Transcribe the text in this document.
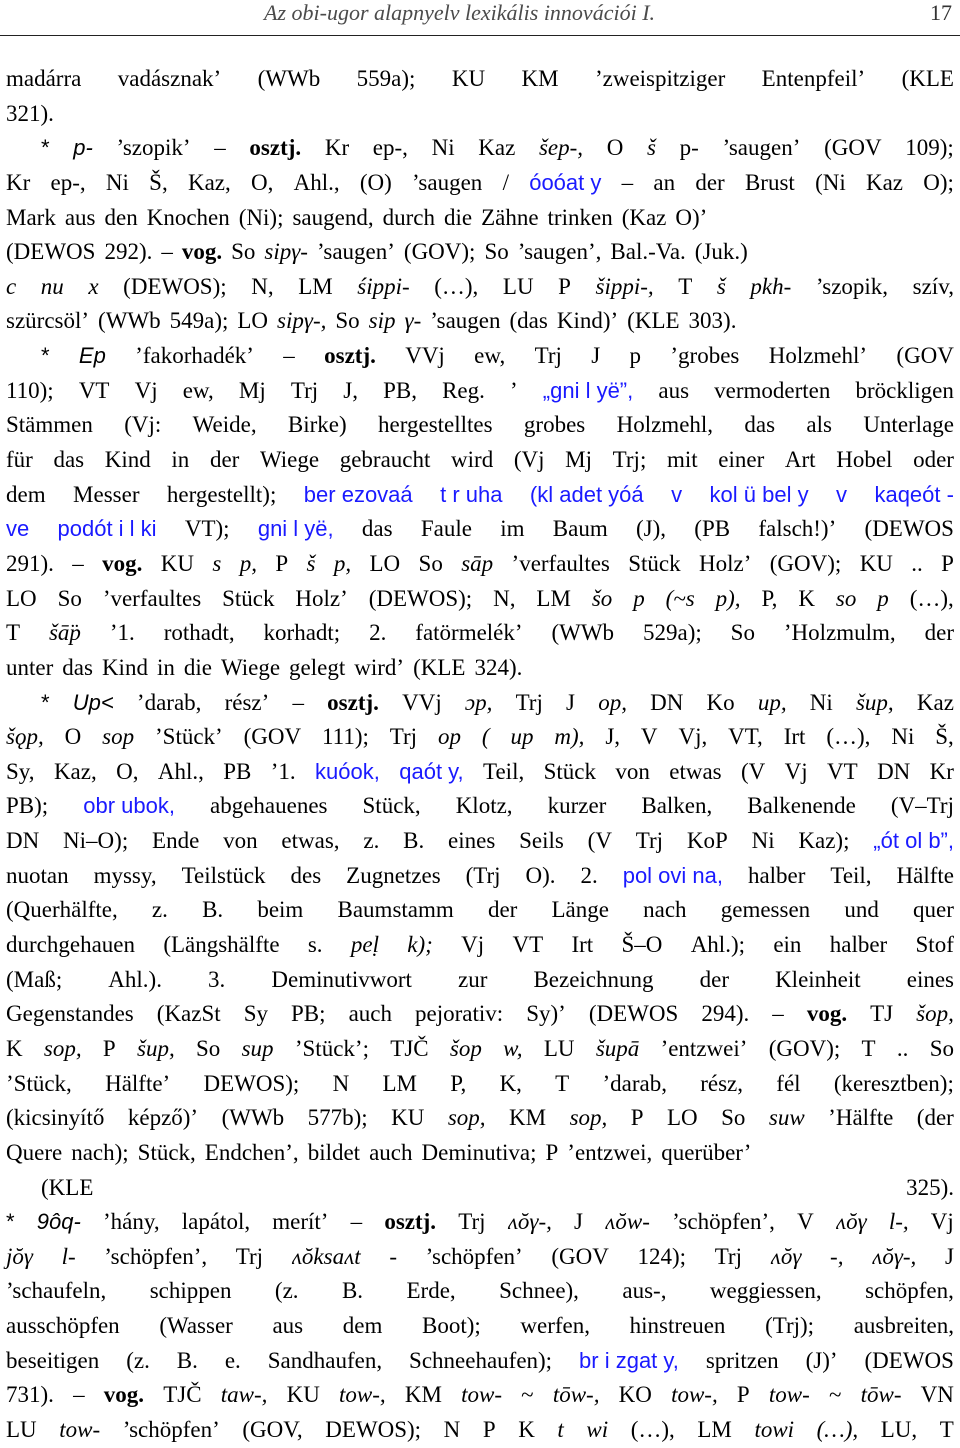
Az obi-ugor alapnyelv lexikális innovációi I.	17
madárra vadásznak’ (WWb 559a); KU KM ’zweispitziger Entenpfeil’ (KLE
321).
* p- ’szopik’ – osztj. Kr ep-, Ni Kaz šep-, O š p- ’saugen’ (GOV 109);
Kr ep-, Ni Š, Kaz, O, Ahl., (O) ’saugen / óoóat y – an der Brust (Ni Kaz O);
Mark aus den Knochen (Ni); saugend, durch die Zähne trinken (Kaz O)’
(DEWOS 292). – vog. So sipγ- ’saugen’ (GOV); So ’saugen’, Bal.-Va. (Juk.)
c nu x (DEWOS); N, LM śippi- (…), LU P šippi-, T š pkh- ’szopik, szív,
szürcsöl’ (WWb 549a); LO sipγ-, So sip γ- ’saugen (das Kind)’ (KLE 303).
* Ep ’fakorhadék’ – osztj. VVj ew, Trj J p ’grobes Holzmehl’ (GOV
110); VT Vj ew, Mj Trj J, PB, Reg. ’ „gni l yë”, aus vermoderten bröckligen
Stämmen (Vj: Weide, Birke) hergestelltes grobes Holzmehl, das als Unterlage
für das Kind in der Wiege gebraucht wird (Vj Mj Trj; mit einer Art Hobel oder
dem Messer hergestellt); ber ezovaá t r uha (kl adet yóá v kol ü bel y v kaqeót -
ve podót i l ki VT); gni l yë, das Faule im Baum (J), (PB falsch!)’ (DEWOS
291). – vog. KU s p, P š p, LO So sāp ’verfaultes Stück Holz’ (GOV); KU .. P
LO So ’verfaultes Stück Holz’ (DEWOS); N, LM šo p (~s p), P, K so p (…),
T šā̈p ’1. rothadt, korhadt; 2. fatörmelék’ (WWb 529a); So ’Holzmulm, der
unter das Kind in die Wiege gelegt wird’ (KLE 324).
* Up< ’darab, rész’ – osztj. VVj ɔp, Trj J op, DN Ko up, Ni šup, Kaz
šǫp, O sop ’Stück’ (GOV 111); Trj op ( up m), J, V Vj, VT, Irt (…), Ni Š,
Sy, Kaz, O, Ahl., PB ’1. kuóok, qaót y, Teil, Stück von etwas (V Vj VT DN Kr
PB); obr ubok, abgehauenes Stück, Klotz, kurzer Balken, Balkenende (V–Trj
DN Ni–O); Ende von etwas, z. B. eines Seils (V Trj KoP Ni Kaz); „ót ol b”,
nuotan myssy, Teilstück des Zugnetzes (Trj O). 2. pol ovi na, halber Teil, Hälfte
(Querhälfte, z. B. beim Baumstamm der Länge nach gemessen und quer
durchgehauen (Längshälfte s. peḷ k); Vj VT Irt Š–O Ahl.); ein halber Stof
(Maß; Ahl.). 3. Deminutivwort zur Bezeichnung der Kleinheit eines
Gegenstandes (KazSt Sy PB; auch pejorativ: Sy)’ (DEWOS 294). – vog. TJ šop,
K sop, P šup, So sup ’Stück’; TJČ šop w, LU šupā ’entzwei’ (GOV); T .. So
’Stück, Hälfte’ DEWOS); N LM P, K, T ’darab, rész, fél (keresztben);
(kicsinyítő képző)’ (WWb 577b); KU sop, KM sop, P LO So suw ’Hälfte (der
Quere nach); Stück, Endchen’, bildet auch Deminutiva; P ’entzwei, querüber’
(KLE	325).
* 9ôq- ’hány, lapátol, merít’ – osztj. Trj ʌŏγ-, J ʌŏw- ’schöpfen’, V ʌŏγ l-, Vj
jŏγ l- ’schöpfen’, Trj ʌŏksaʌt - ’schöpfen’ (GOV 124); Trj ʌŏγ -, ʌŏγ-, J
’schaufeln, schippen (z. B. Erde, Schnee), aus-, weggiessen, schöpfen,
ausschöpfen (Wasser aus dem Boot); werfen, hinstreuen (Trj); ausbreiten,
beseitigen (z. B. e. Sandhaufen, Schneehaufen); br i zgat y, spritzen (J)’ (DEWOS
731). – vog. TJČ taw-, KU tow-, KM tow- ~ tōw-, KO tow-, P tow- ~ tōw- VN
LU tow- ’schöpfen’ (GOV, DEWOS); N P K t wi (…), LM towi (…), LU, T
